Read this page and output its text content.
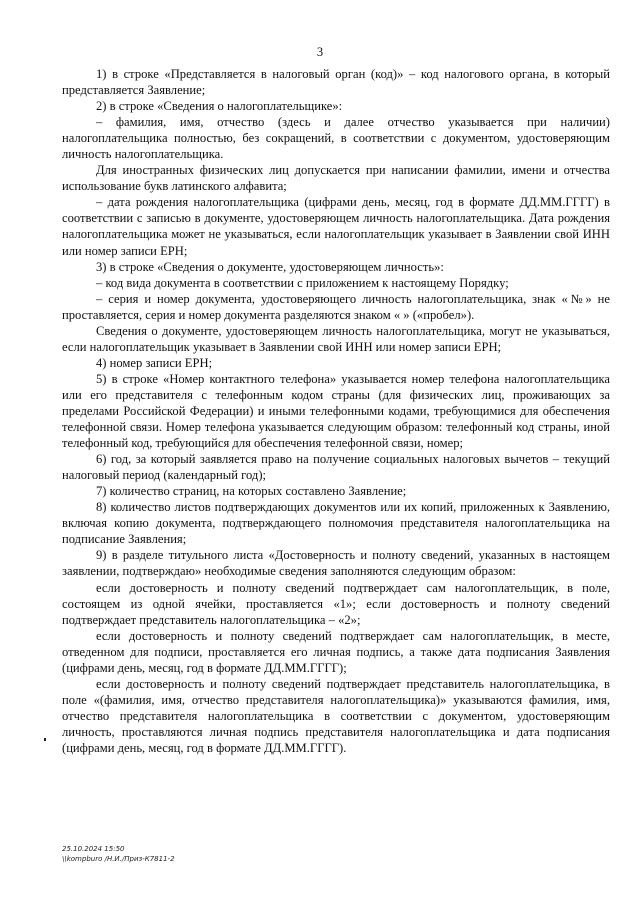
3

1) в строке «Представляется в налоговый орган (код)» – код налогового органа, в который представляется Заявление;

2) в строке «Сведения о налогоплательщике»:

– фамилия, имя, отчество (здесь и далее отчество указывается при наличии) налогоплательщика полностью, без сокращений, в соответствии с документом, удостоверяющим личность налогоплательщика.

Для иностранных физических лиц допускается при написании фамилии, имени и отчества использование букв латинского алфавита;

– дата рождения налогоплательщика (цифрами день, месяц, год в формате ДД.ММ.ГГГГ) в соответствии с записью в документе, удостоверяющем личность налогоплательщика. Дата рождения налогоплательщика может не указываться, если налогоплательщик указывает в Заявлении свой ИНН или номер записи ЕРН;

3) в строке «Сведения о документе, удостоверяющем личность»:

– код вида документа в соответствии с приложением к настоящему Порядку;

– серия и номер документа, удостоверяющего личность налогоплательщика, знак «№» не проставляется, серия и номер документа разделяются знаком « » («пробел»).

Сведения о документе, удостоверяющем личность налогоплательщика, могут не указываться, если налогоплательщик указывает в Заявлении свой ИНН или номер записи ЕРН;

4) номер записи ЕРН;

5) в строке «Номер контактного телефона» указывается номер телефона налогоплательщика или его представителя с телефонным кодом страны (для физических лиц, проживающих за пределами Российской Федерации) и иными телефонными кодами, требующимися для обеспечения телефонной связи. Номер телефона указывается следующим образом: телефонный код страны, иной телефонный код, требующийся для обеспечения телефонной связи, номер;

6) год, за который заявляется право на получение социальных налоговых вычетов – текущий налоговый период (календарный год);

7) количество страниц, на которых составлено Заявление;

8) количество листов подтверждающих документов или их копий, приложенных к Заявлению, включая копию документа, подтверждающего полномочия представителя налогоплательщика на подписание Заявления;

9) в разделе титульного листа «Достоверность и полноту сведений, указанных в настоящем заявлении, подтверждаю» необходимые сведения заполняются следующим образом:

если достоверность и полноту сведений подтверждает сам налогоплательщик, в поле, состоящем из одной ячейки, проставляется «1»; если достоверность и полноту сведений подтверждает представитель налогоплательщика – «2»;

если достоверность и полноту сведений подтверждает сам налогоплательщик, в месте, отведенном для подписи, проставляется его личная подпись, а также дата подписания Заявления (цифрами день, месяц, год в формате ДД.ММ.ГГГГ);

если достоверность и полноту сведений подтверждает представитель налогоплательщика, в поле «(фамилия, имя, отчество представителя налогоплательщика)» указываются фамилия, имя, отчество представителя налогоплательщика в соответствии с документом, удостоверяющим личность, проставляются личная подпись представителя налогоплательщика и дата подписания (цифрами день, месяц, год в формате ДД.ММ.ГГГГ).

25.10.2024 15:50
\\kompburo /Н.И./Приз-К7811-2
